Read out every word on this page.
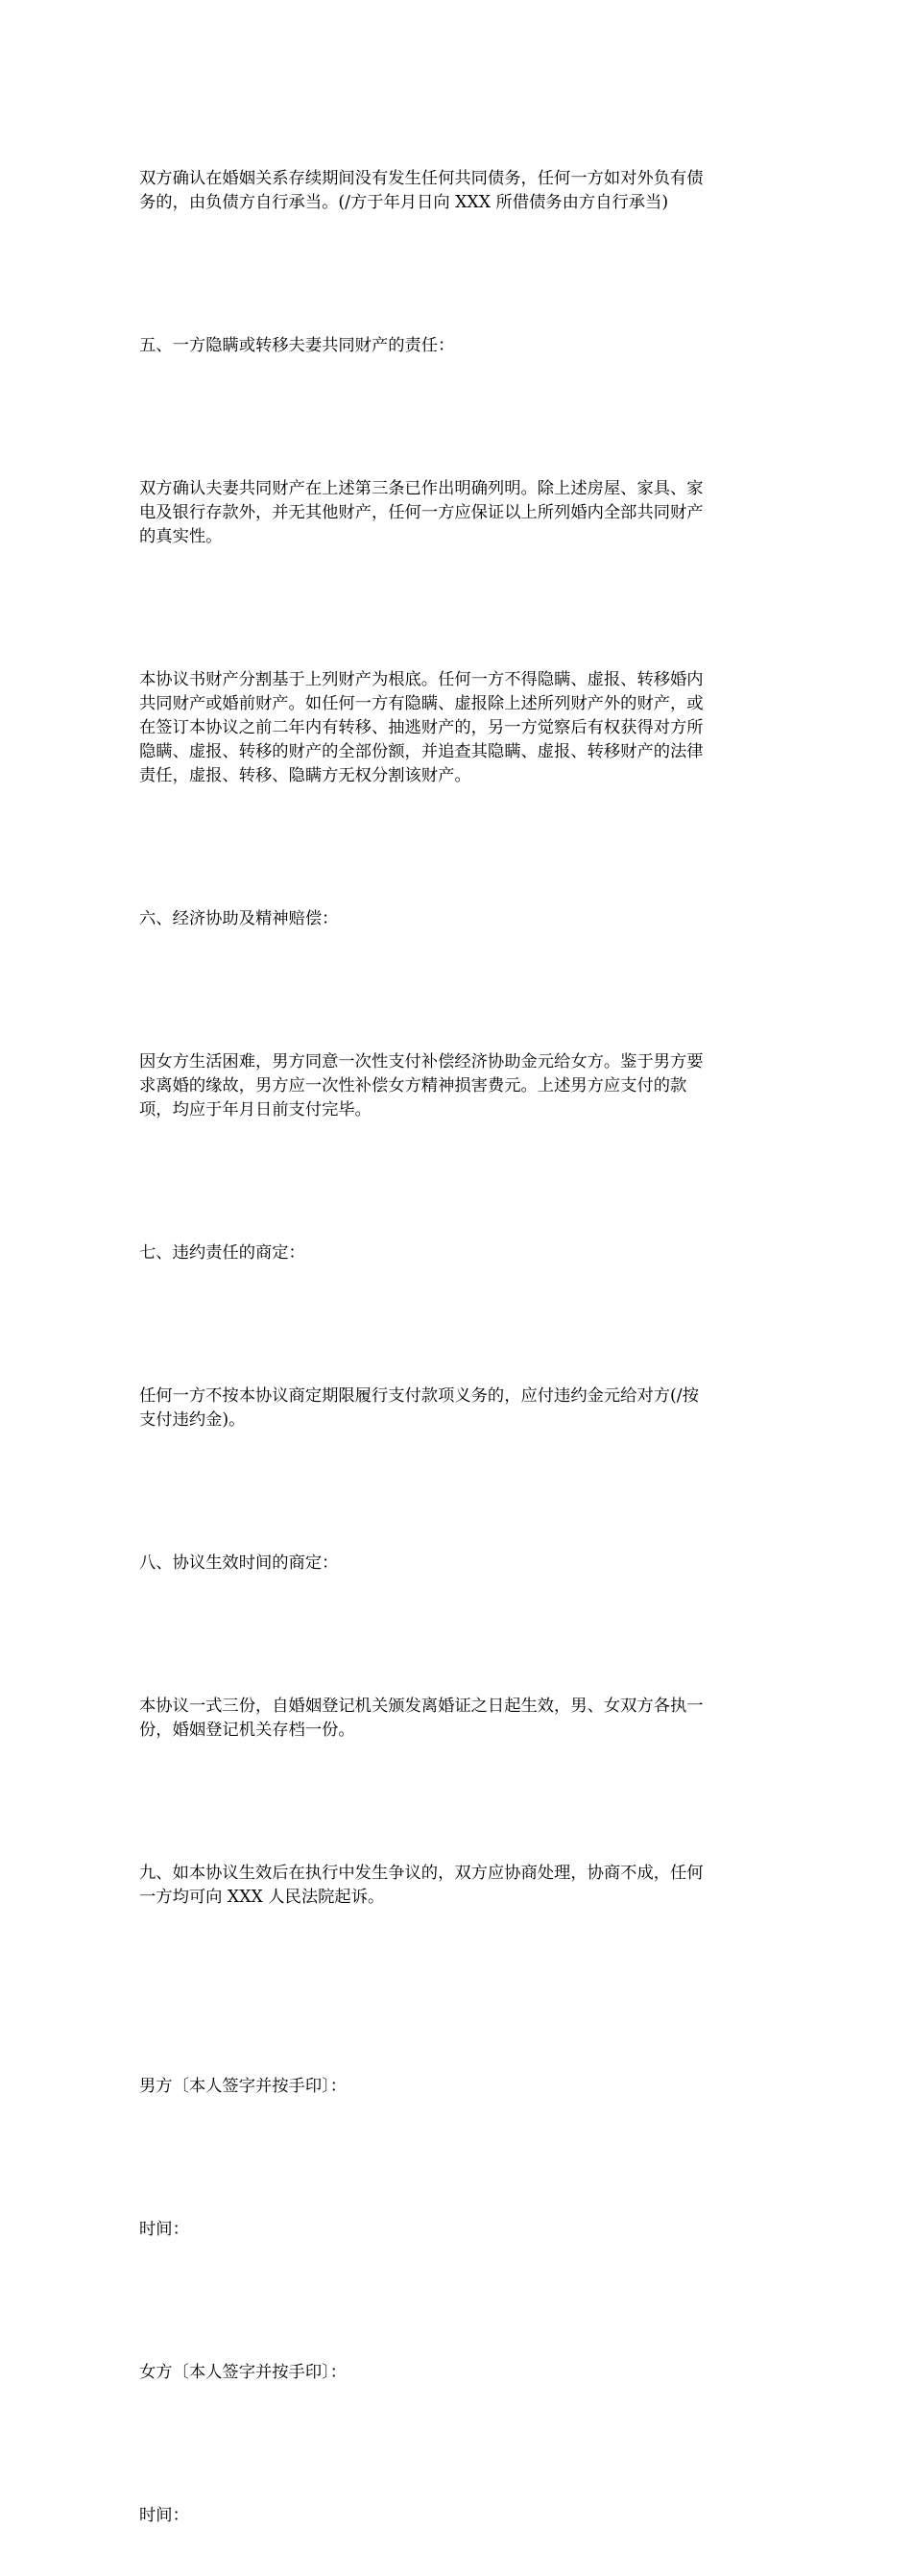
双方确认在婚姻关系存续期间没有发生任何共同债务，任何一方如对外负有债
务的，由负债方自行承当。(/方于年月日向 XXX 所借债务由方自行承当)

五、一方隐瞒或转移夫妻共同财产的责任：

双方确认夫妻共同财产在上述第三条已作出明确列明。除上述房屋、家具、家
电及银行存款外，并无其他财产，任何一方应保证以上所列婚内全部共同财产
的真实性。

本协议书财产分割基于上列财产为根底。任何一方不得隐瞒、虚报、转移婚内
共同财产或婚前财产。如任何一方有隐瞒、虚报除上述所列财产外的财产，或
在签订本协议之前二年内有转移、抽逃财产的，另一方觉察后有权获得对方所
隐瞒、虚报、转移的财产的全部份额，并追查其隐瞒、虚报、转移财产的法律
责任，虚报、转移、隐瞒方无权分割该财产。

六、经济协助及精神赔偿：

因女方生活困难，男方同意一次性支付补偿经济协助金元给女方。鉴于男方要
求离婚的缘故，男方应一次性补偿女方精神损害费元。上述男方应支付的款
项，均应于年月日前支付完毕。

七、违约责任的商定：

任何一方不按本协议商定期限履行支付款项义务的，应付违约金元给对方(/按
支付违约金)。

八、协议生效时间的商定：

本协议一式三份，自婚姻登记机关颁发离婚证之日起生效，男、女双方各执一
份，婚姻登记机关存档一份。

九、如本协议生效后在执行中发生争议的，双方应协商处理，协商不成，任何
一方均可向 XXX 人民法院起诉。

男方〔本人签字并按手印〕：

时间：

女方〔本人签字并按手印〕：

时间：
